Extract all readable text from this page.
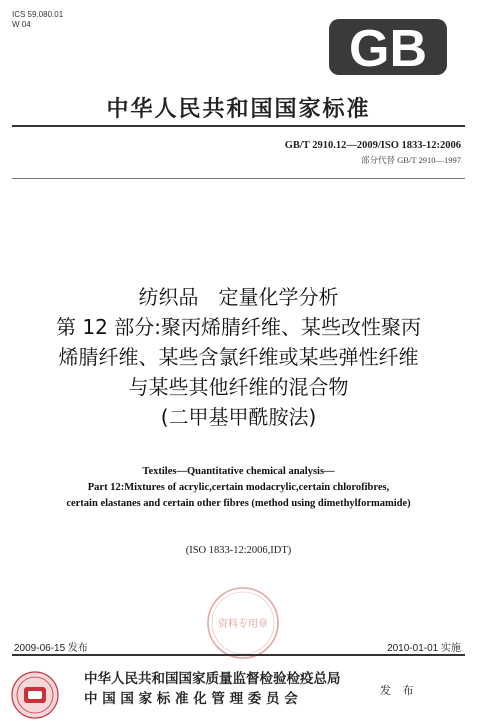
ICS 59.080.01
W 04	GB
中华人民共和国国家标准
GB/T 2910.12—2009/ISO 1833-12:2006
部分代替 GB/T 2910—1997
纺织品　定量化学分析
第 12 部分:聚丙烯腈纤维、某些改性聚丙
烯腈纤维、某些含氯纤维或某些弹性纤维
与某些其他纤维的混合物
(二甲基甲酰胺法)
Textiles—Quantitative chemical analysis—
Part 12:Mixtures of acrylic,certain modacrylic,certain chlorofibres,
certain elastanes and certain other fibres (method using dimethylformamide)
(ISO 1833-12:2006,IDT)
资料专用章
2009-06-15 发布	2010-01-01 实施
中华人民共和国国家质量监督检验检疫总局
中 国 国 家 标 准 化 管 理 委 员 会
发 布
